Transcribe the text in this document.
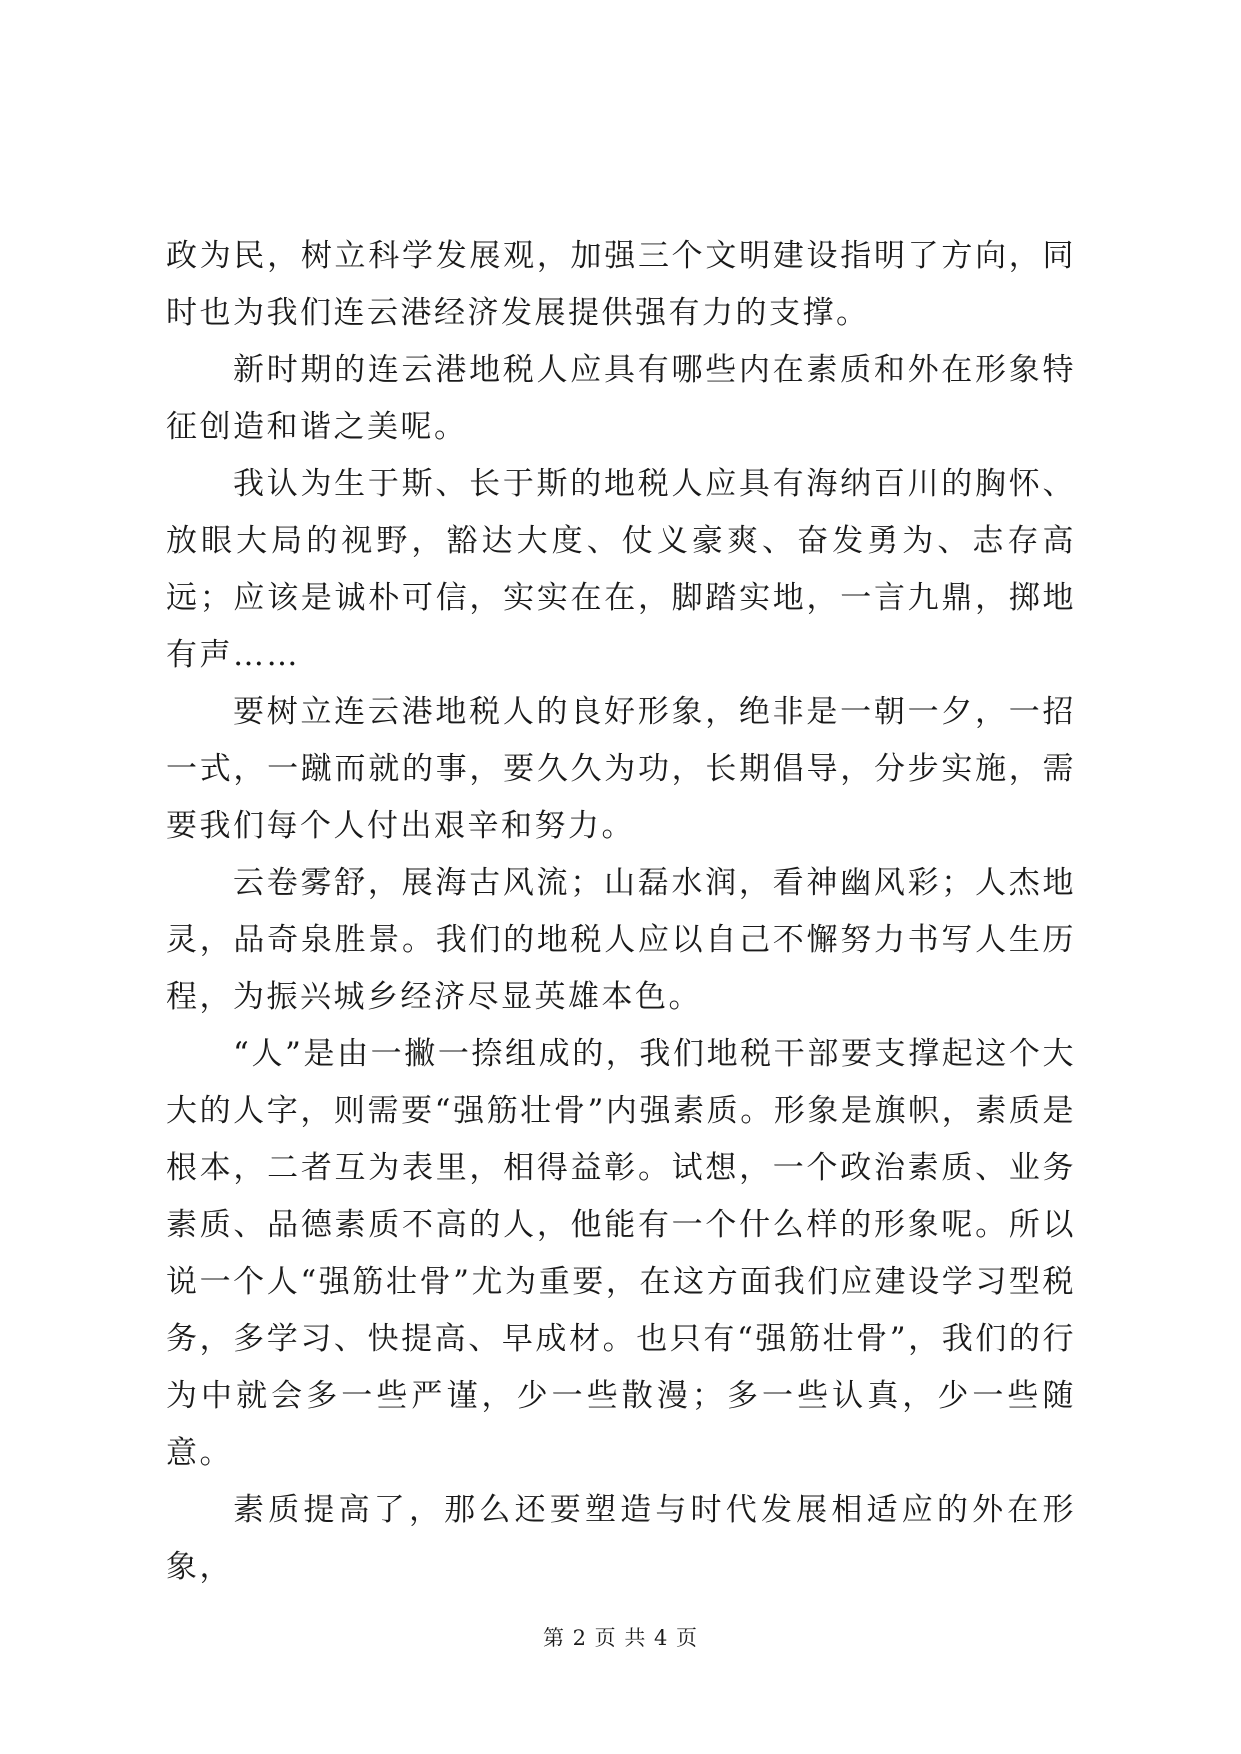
政为民，树立科学发展观，加强三个文明建设指明了方向，同时也为我们连云港经济发展提供强有力的支撑。

新时期的连云港地税人应具有哪些内在素质和外在形象特征创造和谐之美呢。

我认为生于斯、长于斯的地税人应具有海纳百川的胸怀、放眼大局的视野，豁达大度、仗义豪爽、奋发勇为、志存高远；应该是诚朴可信，实实在在，脚踏实地，一言九鼎，掷地有声……

要树立连云港地税人的良好形象，绝非是一朝一夕，一招一式，一蹴而就的事，要久久为功，长期倡导，分步实施，需要我们每个人付出艰辛和努力。

云卷雾舒，展海古风流；山磊水润，看神幽风彩；人杰地灵，品奇泉胜景。我们的地税人应以自己不懈努力书写人生历程，为振兴城乡经济尽显英雄本色。

“人”是由一撇一捺组成的，我们地税干部要支撑起这个大大的人字，则需要“强筋壮骨”内强素质。形象是旗帜，素质是根本，二者互为表里，相得益彰。试想，一个政治素质、业务素质、品德素质不高的人，他能有一个什么样的形象呢。所以说一个人“强筋壮骨”尤为重要，在这方面我们应建设学习型税务，多学习、快提高、早成材。也只有“强筋壮骨”，我们的行为中就会多一些严谨，少一些散漫；多一些认真，少一些随意。

素质提高了，那么还要塑造与时代发展相适应的外在形象，

第 2 页 共 4 页
